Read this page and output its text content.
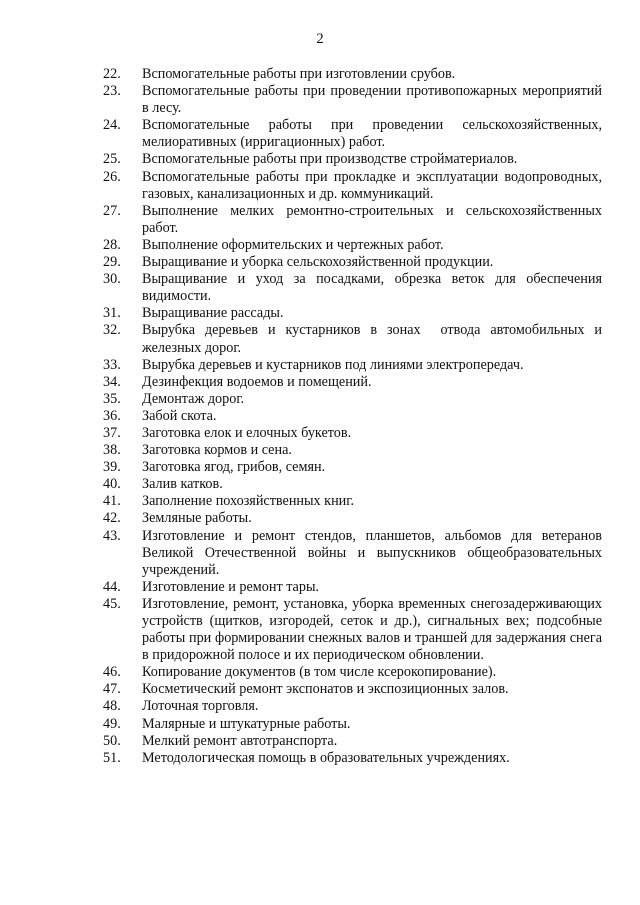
2
22.	Вспомогательные работы при изготовлении срубов.
23.	Вспомогательные работы при проведении противопожарных мероприятий в лесу.
24.	Вспомогательные работы при проведении сельскохозяйственных, мелиоративных (ирригационных) работ.
25.	Вспомогательные работы при производстве стройматериалов.
26.	Вспомогательные работы при прокладке и эксплуатации водопроводных, газовых, канализационных и др. коммуникаций.
27.	Выполнение мелких ремонтно-строительных и сельскохозяйственных работ.
28.	Выполнение оформительских и чертежных работ.
29.	Выращивание и уборка сельскохозяйственной продукции.
30.	Выращивание и уход за посадками, обрезка веток для обеспечения видимости.
31.	Выращивание рассады.
32.	Вырубка деревьев и кустарников в зонах  отвода автомобильных и железных дорог.
33.	Вырубка деревьев и кустарников под линиями электропередач.
34.	Дезинфекция водоемов и помещений.
35.	Демонтаж дорог.
36.	Забой скота.
37.	Заготовка елок и елочных букетов.
38.	Заготовка кормов и сена.
39.	Заготовка ягод, грибов, семян.
40.	Залив катков.
41.	Заполнение похозяйственных книг.
42.	Земляные работы.
43.	Изготовление и ремонт стендов, планшетов, альбомов для ветеранов Великой Отечественной войны и выпускников общеобразовательных учреждений.
44.	Изготовление и ремонт тары.
45.	Изготовление, ремонт, установка, уборка временных снегозадерживающих устройств (щитков, изгородей, сеток и др.), сигнальных вех; подсобные работы при формировании снежных валов и траншей для задержания снега в придорожной полосе и их периодическом обновлении.
46.	Копирование документов (в том числе ксерокопирование).
47.	Косметический ремонт экспонатов и экспозиционных залов.
48.	Лоточная торговля.
49.	Малярные и штукатурные работы.
50.	Мелкий ремонт автотранспорта.
51.	Методологическая помощь в образовательных учреждениях.
